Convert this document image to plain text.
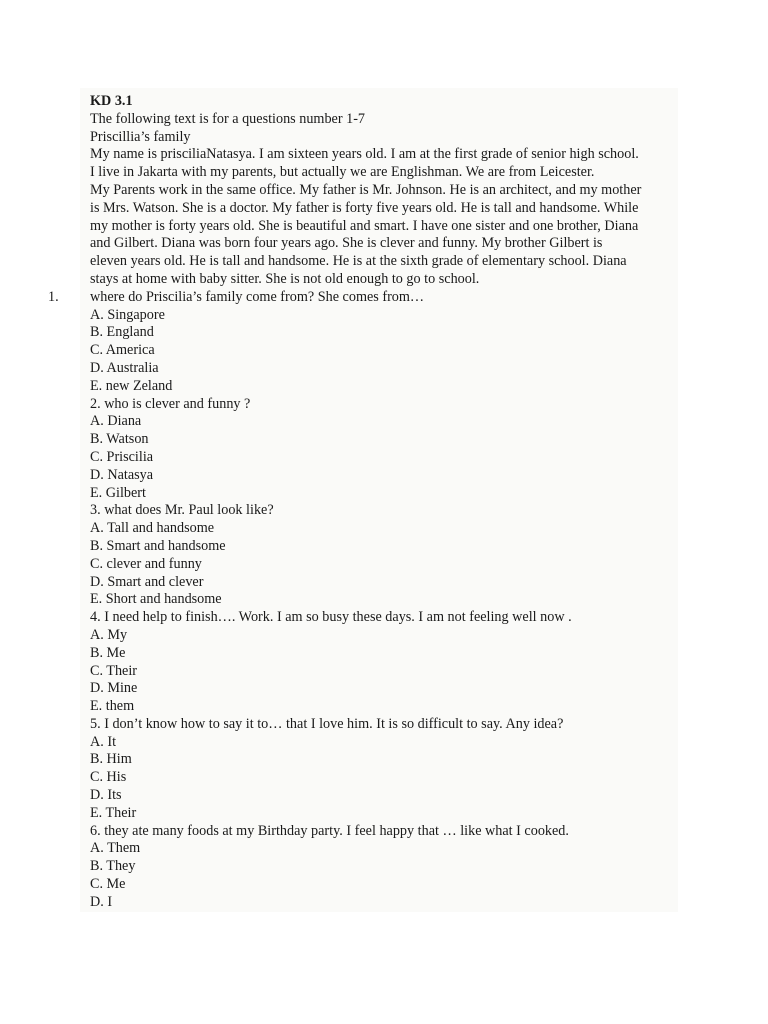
KD 3.1
The following text is for a questions number 1-7
Priscillia’s family
My name is prisciliaNatasya. I am sixteen years old. I am at the first grade of senior high school.
I live in Jakarta with my parents, but actually we are Englishman. We are from Leicester.
My Parents work in the same office. My father is Mr. Johnson. He is an architect, and my mother
is Mrs. Watson. She is a doctor. My father is forty five years old. He is tall and handsome. While
my mother is forty years old. She is beautiful and smart. I have one sister and one brother, Diana
and Gilbert. Diana was born four years ago. She is clever and funny. My brother Gilbert is
eleven years old. He is tall and handsome. He is at the sixth grade of elementary school. Diana
stays at home with baby sitter. She is not old enough to go to school.
1. where do Priscilia’s family come from? She comes from…
A. Singapore
B. England
C. America
D. Australia
E. new Zeland
2. who is clever and funny ?
A. Diana
B. Watson
C. Priscilia
D. Natasya
E. Gilbert
3. what does Mr. Paul look like?
A. Tall and handsome
B. Smart and handsome
C. clever and funny
D. Smart and clever
E. Short and handsome
4. I need help to finish…. Work. I am so busy these days. I am not feeling well now .
A. My
B. Me
C. Their
D. Mine
E. them
5. I don’t know how to say it to… that I love him. It is so difficult to say. Any idea?
A. It
B. Him
C. His
D. Its
E. Their
6. they ate many foods at my Birthday party. I feel happy that … like what I cooked.
A. Them
B. They
C. Me
D. I
